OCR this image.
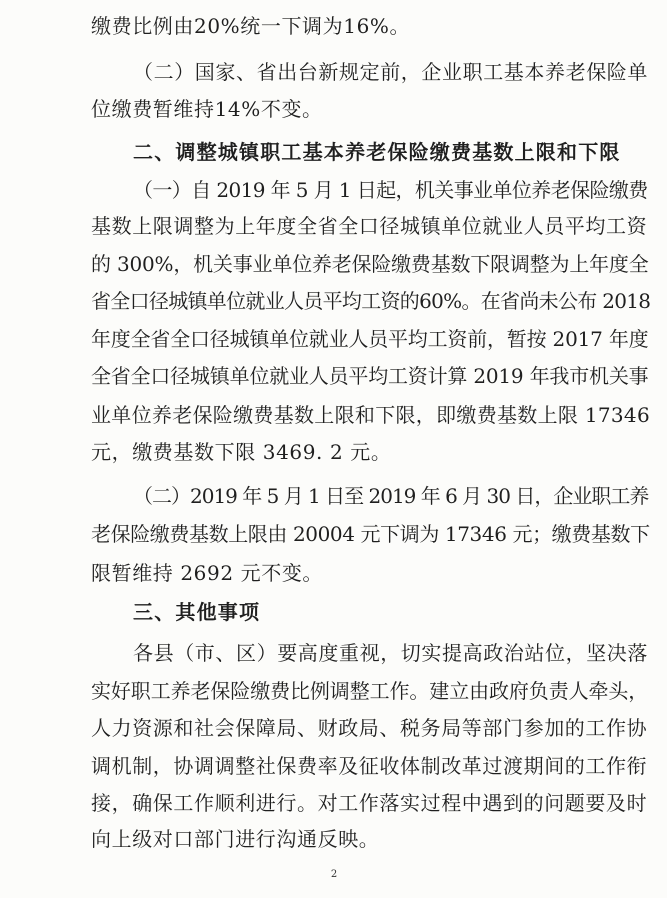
缴费比例由20%统一下调为16%。
（二）国家、省出台新规定前，企业职工基本养老保险单
位缴费暂维持14%不变。
二、调整城镇职工基本养老保险缴费基数上限和下限
（一）自 2019 年 5 月 1 日起，机关事业单位养老保险缴费
基数上限调整为上年度全省全口径城镇单位就业人员平均工资
的 300%，机关事业单位养老保险缴费基数下限调整为上年度全
省全口径城镇单位就业人员平均工资的60%。在省尚未公布 2018
年度全省全口径城镇单位就业人员平均工资前，暂按 2017 年度
全省全口径城镇单位就业人员平均工资计算 2019 年我市机关事
业单位养老保险缴费基数上限和下限，即缴费基数上限 17346
元，缴费基数下限 3469. 2 元。
（二）2019 年 5 月 1 日至 2019 年 6 月 30 日，企业职工养
老保险缴费基数上限由 20004 元下调为 17346 元；缴费基数下
限暂维持 2692 元不变。
三、其他事项
各县（市、区）要高度重视，切实提高政治站位，坚决落
实好职工养老保险缴费比例调整工作。建立由政府负责人牵头，
人力资源和社会保障局、财政局、税务局等部门参加的工作协
调机制，协调调整社保费率及征收体制改革过渡期间的工作衔
接，确保工作顺利进行。对工作落实过程中遇到的问题要及时
向上级对口部门进行沟通反映。
2
